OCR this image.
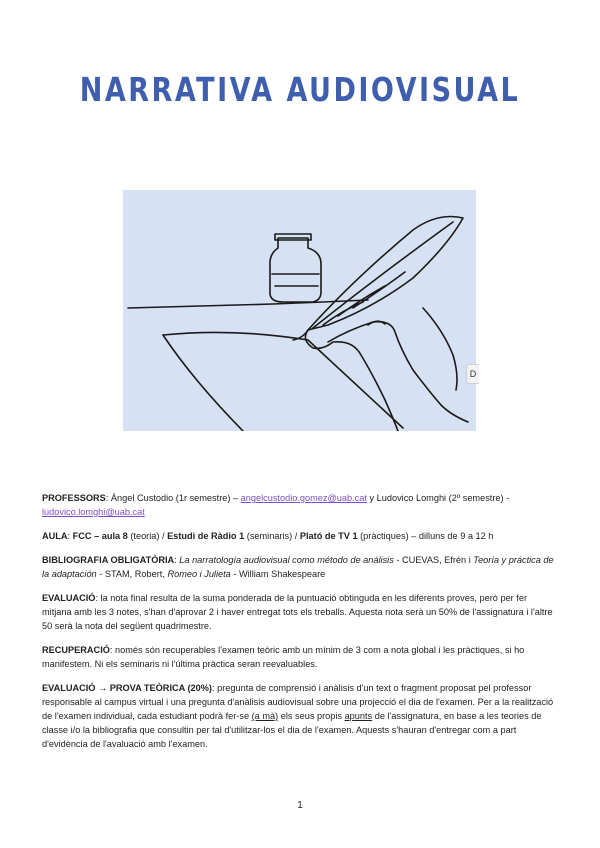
NARRATIVA AUDIOVISUAL
D

PROFESSORS: Ángel Custodio (1r semestre) – angelcustodio.gomez@uab.cat y Ludovico Lomghi (2º semestre) - ludovico.lomghi@uab.cat

AULA: FCC – aula 8 (teoria) / Estudi de Ràdio 1 (seminaris) / Plató de TV 1 (pràctiques) – dilluns de 9 a 12 h

BIBLIOGRAFIA OBLIGATÒRIA: La narratología audiovisual como método de análisis - CUEVAS, Efrén i Teoría y práctica de la adaptación - STAM, Robert, Romeo i Julieta - William Shakespeare

EVALUACIÓ: la nota final resulta de la suma ponderada de la puntuació obtinguda en les diferents proves, però per fer mitjana amb les 3 notes, s'han d'aprovar 2 i haver entregat tots els treballs. Aquesta nota serà un 50% de l'assignatura i l'altre 50 serà la nota del següent quadrimestre.

RECUPERACIÓ: només són recuperables l'examen teòric amb un mínim de 3 com a nota global i les pràctiques, si ho manifestem. Ni els seminaris ni l'última pràctica seran reevaluables.

EVALUACIÓ → PROVA TEÒRICA (20%): pregunta de comprensió i anàlisis d'un text o fragment proposat pel professor responsable al campus virtual i una pregunta d'anàlisis audiovisual sobre una projecció el dia de l'examen. Per a la realització de l'examen individual, cada estudiant podrà fer-se (a mà) els seus propis apunts de l'assignatura, en base a les teories de classe i/o la bibliografia que consultin per tal d'utilitzar-los el dia de l'examen. Aquests s'hauran d'entregar com a part d'evidència de l'avaluació amb l'examen.

1
